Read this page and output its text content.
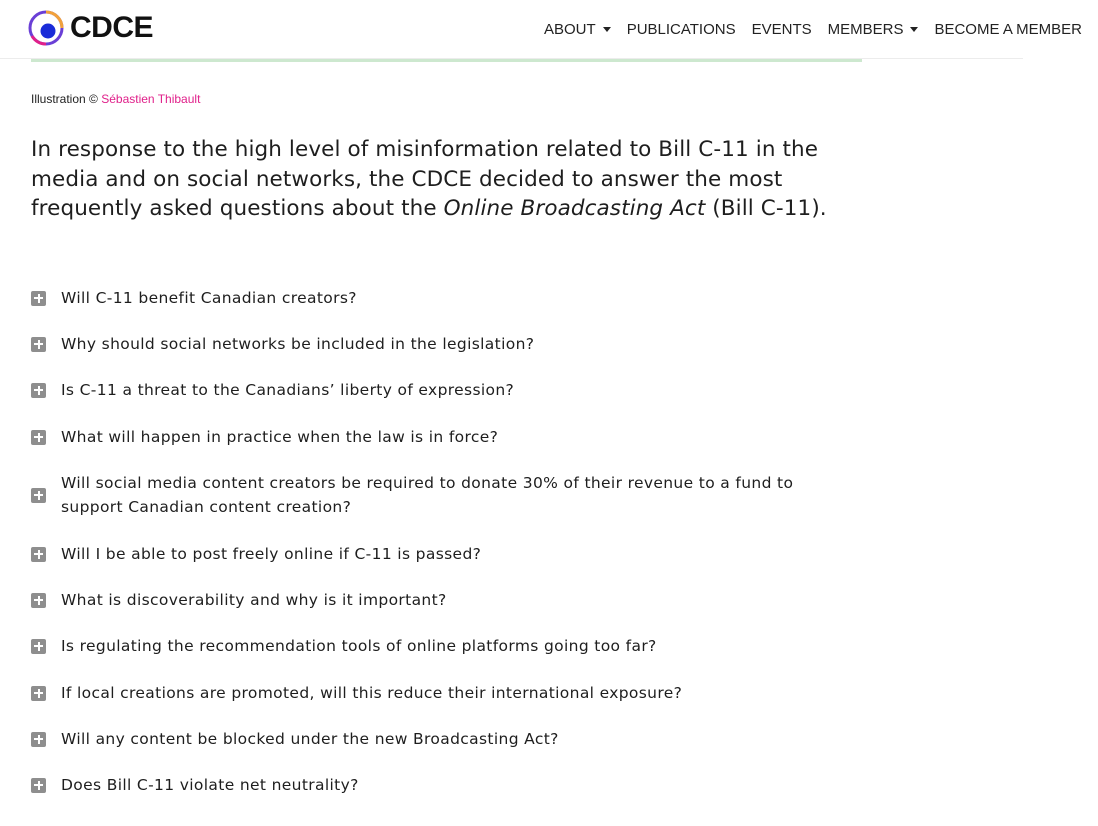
CDCE	ABOUT PUBLICATIONS EVENTS MEMBERS BECOME A MEMBER
Illustration © Sébastien Thibault

In response to the high level of misinformation related to Bill C-11 in the media and on social networks, the CDCE decided to answer the most frequently asked questions about the Online Broadcasting Act (Bill C-11).

Will C-11 benefit Canadian creators?
Why should social networks be included in the legislation?
Is C-11 a threat to the Canadians’ liberty of expression?
What will happen in practice when the law is in force?
Will social media content creators be required to donate 30% of their revenue to a fund to support Canadian content creation?
Will I be able to post freely online if C-11 is passed?
What is discoverability and why is it important?
Is regulating the recommendation tools of online platforms going too far?
If local creations are promoted, will this reduce their international exposure?
Will any content be blocked under the new Broadcasting Act?
Does Bill C-11 violate net neutrality?
